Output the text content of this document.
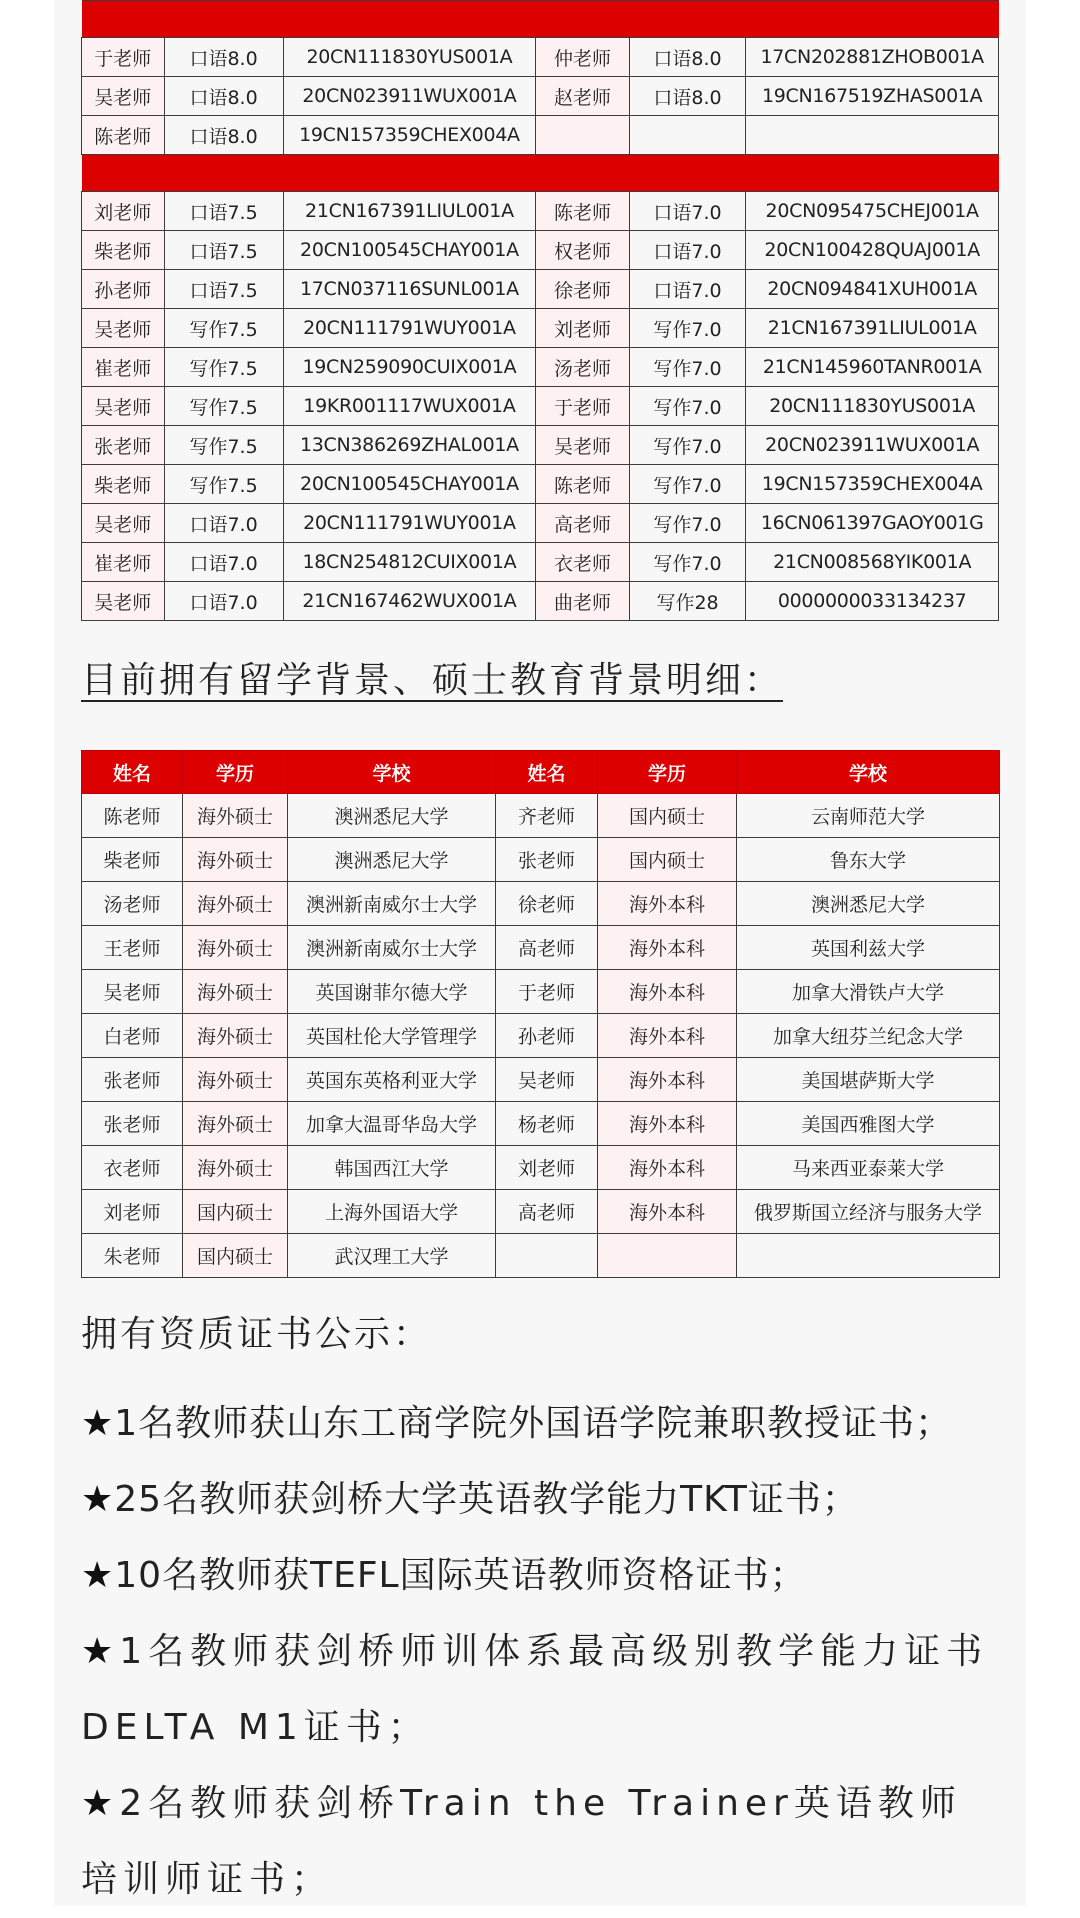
于老师	口语8.0	20CN111830YUS001A	仲老师	口语8.0	17CN202881ZHOB001A
吴老师	口语8.0	20CN023911WUX001A	赵老师	口语8.0	19CN167519ZHAS001A
陈老师	口语8.0	19CN157359CHEX004A			

刘老师	口语7.5	21CN167391LIUL001A	陈老师	口语7.0	20CN095475CHEJ001A
柴老师	口语7.5	20CN100545CHAY001A	权老师	口语7.0	20CN100428QUAJ001A
孙老师	口语7.5	17CN037116SUNL001A	徐老师	口语7.0	20CN094841XUH001A
吴老师	写作7.5	20CN111791WUY001A	刘老师	写作7.0	21CN167391LIUL001A
崔老师	写作7.5	19CN259090CUIX001A	汤老师	写作7.0	21CN145960TANR001A
吴老师	写作7.5	19KR001117WUX001A	于老师	写作7.0	20CN111830YUS001A
张老师	写作7.5	13CN386269ZHAL001A	吴老师	写作7.0	20CN023911WUX001A
柴老师	写作7.5	20CN100545CHAY001A	陈老师	写作7.0	19CN157359CHEX004A
吴老师	口语7.0	20CN111791WUY001A	高老师	写作7.0	16CN061397GAOY001G
崔老师	口语7.0	18CN254812CUIX001A	衣老师	写作7.0	21CN008568YIK001A
吴老师	口语7.0	21CN167462WUX001A	曲老师	写作28	0000000033134237
目前拥有留学背景、硕士教育背景明细：
姓名	学历	学校	姓名	学历	学校
陈老师	海外硕士	澳洲悉尼大学	齐老师	国内硕士	云南师范大学
柴老师	海外硕士	澳洲悉尼大学	张老师	国内硕士	鲁东大学
汤老师	海外硕士	澳洲新南威尔士大学	徐老师	海外本科	澳洲悉尼大学
王老师	海外硕士	澳洲新南威尔士大学	高老师	海外本科	英国利兹大学
吴老师	海外硕士	英国谢菲尔德大学	于老师	海外本科	加拿大滑铁卢大学
白老师	海外硕士	英国杜伦大学管理学	孙老师	海外本科	加拿大纽芬兰纪念大学
张老师	海外硕士	英国东英格利亚大学	吴老师	海外本科	美国堪萨斯大学
张老师	海外硕士	加拿大温哥华岛大学	杨老师	海外本科	美国西雅图大学
衣老师	海外硕士	韩国西江大学	刘老师	海外本科	马来西亚泰莱大学
刘老师	国内硕士	上海外国语大学	高老师	海外本科	俄罗斯国立经济与服务大学
朱老师	国内硕士	武汉理工大学			

拥有资质证书公示：

★1名教师获山东工商学院外国语学院兼职教授证书；

★25名教师获剑桥大学英语教学能力TKT证书；

★10名教师获TEFL国际英语教师资格证书；

★1名教师获剑桥师训体系最高级别教学能力证书DELTA M1证书；

★2名教师获剑桥Train the Trainer英语教师培训师证书；
